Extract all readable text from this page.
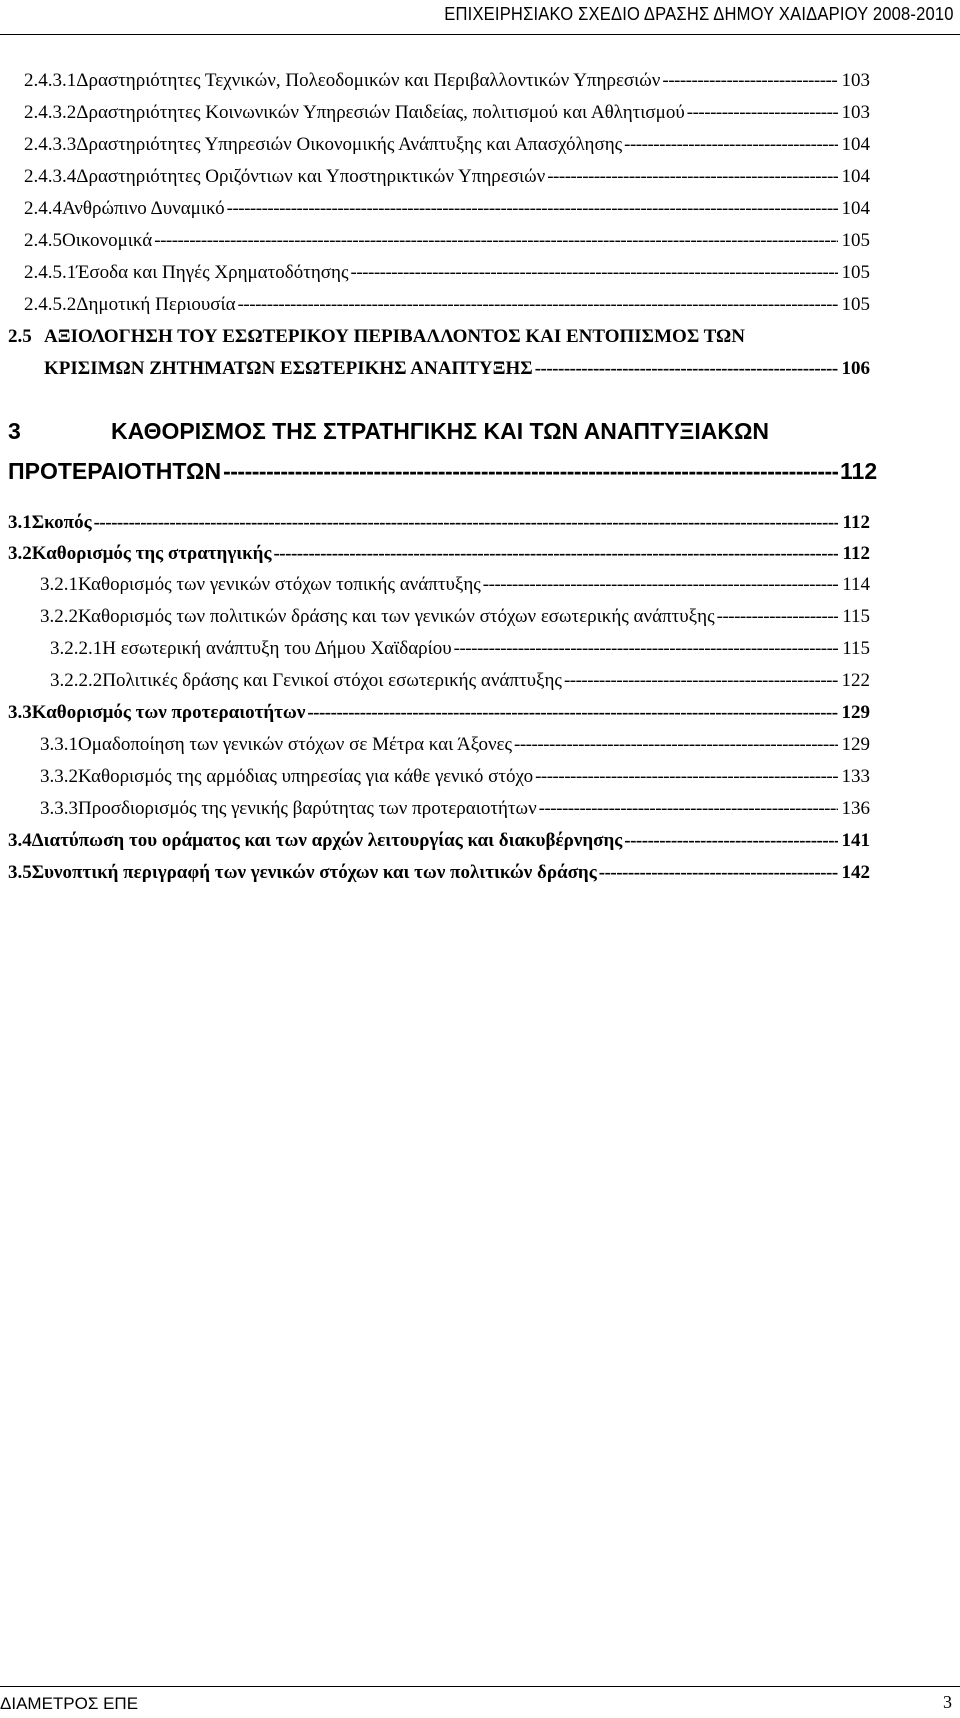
ΕΠΙΧΕΙΡΗΣΙΑΚΟ ΣΧΕΔΙΟ ΔΡΑΣΗΣ ΔΗΜΟΥ ΧΑΙΔΑΡΙΟΥ 2008-2010
2.4.3.1 Δραστηριότητες Τεχνικών, Πολεοδομικών και Περιβαλλοντικών Υπηρεσιών -----	103
2.4.3.2 Δραστηριότητες Κοινωνικών Υπηρεσιών Παιδείας, πολιτισμού και Αθλητισμού -----	103
2.4.3.3 Δραστηριότητες Υπηρεσιών Οικονομικής Ανάπτυξης και Απασχόλησης -----	104
2.4.3.4 Δραστηριότητες Οριζόντιων και Υποστηρικτικών Υπηρεσιών -----	104
2.4.4 Ανθρώπινο Δυναμικό -----	104
2.4.5 Οικονομικά -----	105
2.4.5.1 Έσοδα και Πηγές Χρηματοδότησης -----	105
2.4.5.2 Δημοτική Περιουσία -----	105
2.5 ΑΞΙΟΛΟΓΗΣΗ ΤΟΥ ΕΣΩΤΕΡΙΚΟΥ ΠΕΡΙΒΑΛΛΟΝΤΟΣ ΚΑΙ ΕΝΤΟΠΙΣΜΟΣ ΤΩΝ
ΚΡΙΣΙΜΩΝ ΖΗΤΗΜΑΤΩΝ ΕΣΩΤΕΡΙΚΗΣ ΑΝΑΠΤΥΞΗΣ -----	106
3	ΚΑΘΟΡΙΣΜΟΣ ΤΗΣ ΣΤΡΑΤΗΓΙΚΗΣ ΚΑΙ ΤΩΝ ΑΝΑΠΤΥΞΙΑΚΩΝ
ΠΡΟΤΕΡΑΙΟΤΗΤΩΝ -----	112
3.1 Σκοπός -----	112
3.2 Καθορισμός της στρατηγικής -----	112
3.2.1 Καθορισμός των γενικών στόχων τοπικής ανάπτυξης -----	114
3.2.2 Καθορισμός των πολιτικών δράσης και των γενικών στόχων εσωτερικής ανάπτυξης -----	115
3.2.2.1 Η εσωτερική ανάπτυξη του Δήμου Χαϊδαρίου -----	115
3.2.2.2 Πολιτικές δράσης και Γενικοί στόχοι εσωτερικής ανάπτυξης -----	122
3.3 Καθορισμός των προτεραιοτήτων -----	129
3.3.1 Ομαδοποίηση των γενικών στόχων σε Μέτρα και Άξονες -----	129
3.3.2 Καθορισμός της αρμόδιας υπηρεσίας για κάθε γενικό στόχο -----	133
3.3.3 Προσδιορισμός της γενικής βαρύτητας των προτεραιοτήτων -----	136
3.4 Διατύπωση του οράματος και των αρχών λειτουργίας και διακυβέρνησης -----	141
3.5 Συνοπτική περιγραφή των γενικών στόχων και των πολιτικών δράσης -----	142
ΔΙΑΜΕΤΡΟΣ ΕΠΕ	3
